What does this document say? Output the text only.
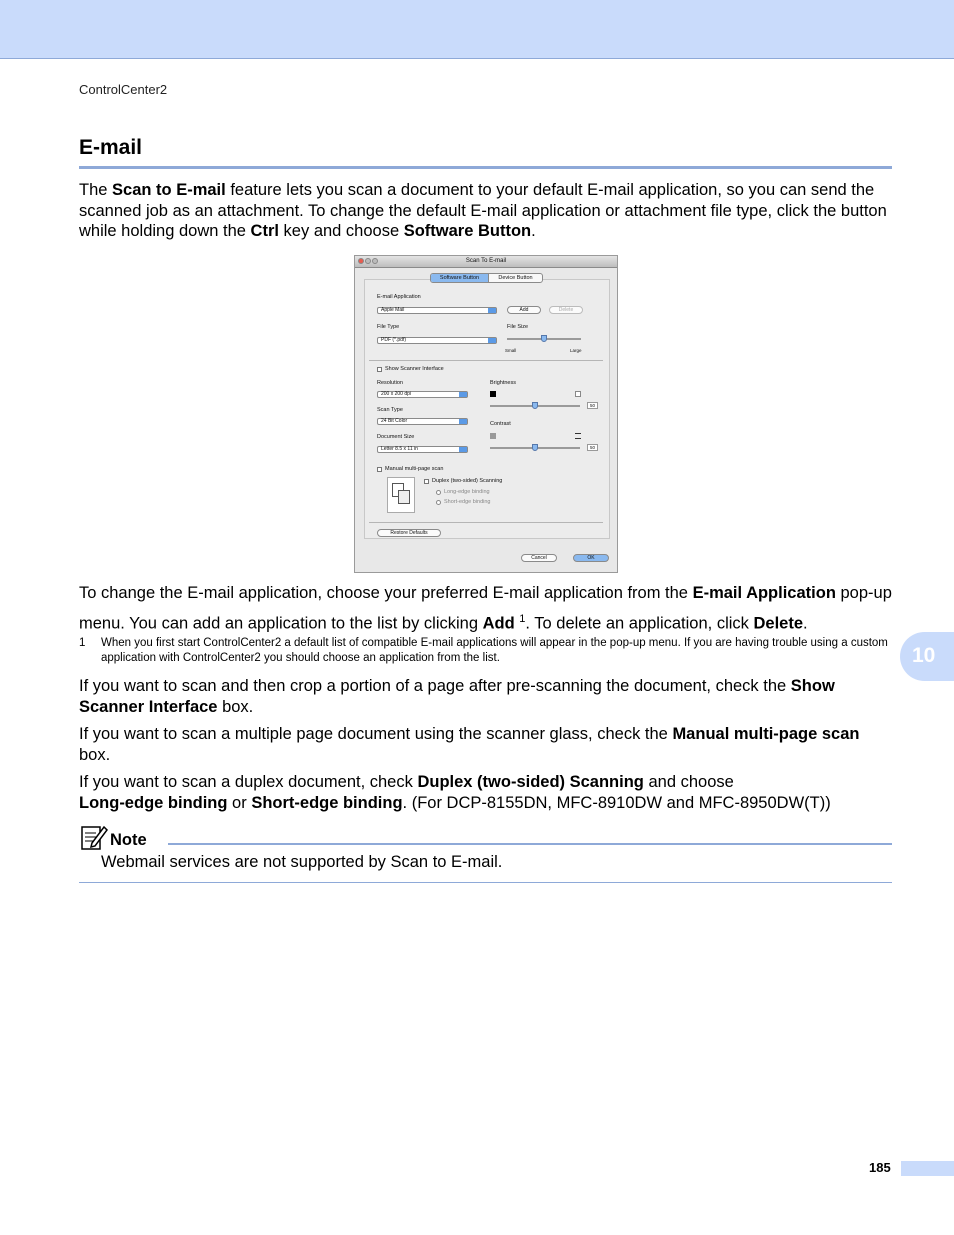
ControlCenter2
E-mail

The Scan to E-mail feature lets you scan a document to your default E-mail application, so you can send the scanned job as an attachment. To change the default E-mail application or attachment file type, click the button while holding down the Ctrl key and choose Software Button.

Scan To E-mail
Software Button	Device Button
E-mail Application
Apple Mail	Add	Delete
File Type
PDF (*.pdf)
File Size
Small	Large
Show Scanner Interface
Resolution
200 x 200 dpi
Scan Type
24 Bit Color
Document Size
Letter 8.5 x 11 in
Brightness
50
Contrast
50
Manual multi-page scan
Duplex (two-sided) Scanning
Long-edge binding
Short-edge binding
Restore Defaults
Cancel	OK

To change the E-mail application, choose your preferred E-mail application from the E-mail Application pop-up menu. You can add an application to the list by clicking Add $^1$. To delete an application, click Delete.

1 When you first start ControlCenter2 a default list of compatible E-mail applications will appear in the pop-up menu. If you are having trouble using a custom application with ControlCenter2 you should choose an application from the list.	10

If you want to scan and then crop a portion of a page after pre-scanning the document, check the Show Scanner Interface box.

If you want to scan a multiple page document using the scanner glass, check the Manual multi-page scan box.

If you want to scan a duplex document, check Duplex (two-sided) Scanning and choose
Long-edge binding or Short-edge binding. (For DCP-8155DN, MFC-8910DW and MFC-8950DW(T))

Note
Webmail services are not supported by Scan to E-mail.
185
